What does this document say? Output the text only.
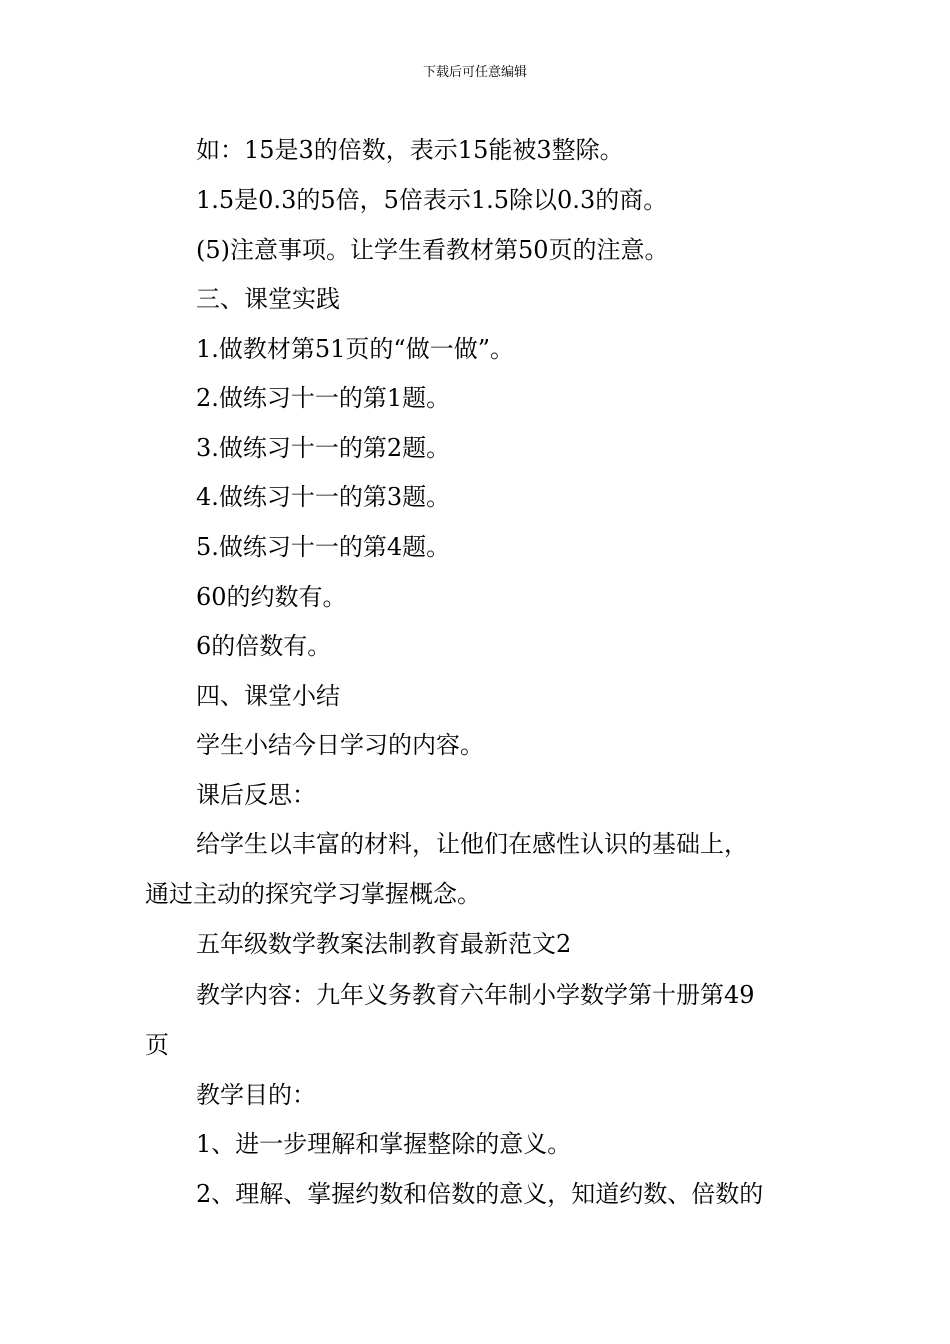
下载后可任意编辑
如：15是3的倍数，表示15能被3整除。
1.5是0.3的5倍，5倍表示1.5除以0.3的商。
(5)注意事项。让学生看教材第50页的注意。
三、课堂实践
1.做教材第51页的“做一做”。
2.做练习十一的第1题。
3.做练习十一的第2题。
4.做练习十一的第3题。
5.做练习十一的第4题。
60的约数有。
6的倍数有。
四、课堂小结
学生小结今日学习的内容。
课后反思：
给学生以丰富的材料，让他们在感性认识的基础上，
通过主动的探究学习掌握概念。
五年级数学教案法制教育最新范文2
教学内容：九年义务教育六年制小学数学第十册第49
页
教学目的：
1、进一步理解和掌握整除的意义。
2、理解、掌握约数和倍数的意义，知道约数、倍数的
